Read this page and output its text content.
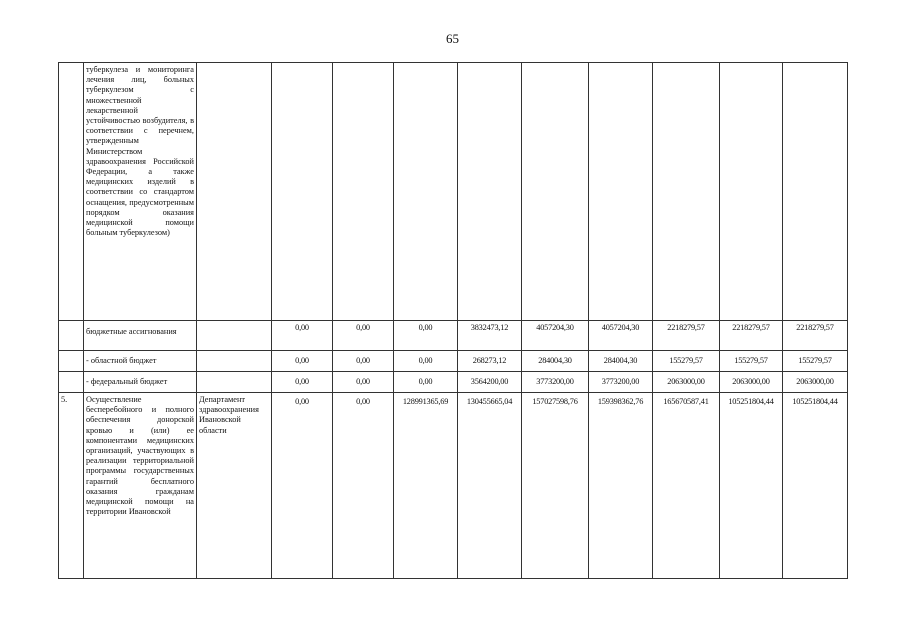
65
	туберкулеза и мониторинга лечения лиц, больных туберкулезом с множественной лекарственной устойчивостью возбудителя, в соответствии с перечнем, утвержденным Министерством здравоохранения Российской Федерации, а также медицинских изделий в соответствии со стандартом оснащения, предусмотренным порядком оказания медицинской помощи больным туберкулезом)										
	бюджетные ассигнования		0,00	0,00	0,00	3832473,12	4057204,30	4057204,30	2218279,57	2218279,57	2218279,57
	- областной бюджет		0,00	0,00	0,00	268273,12	284004,30	284004,30	155279,57	155279,57	155279,57
	- федеральный бюджет		0,00	0,00	0,00	3564200,00	3773200,00	3773200,00	2063000,00	2063000,00	2063000,00
5.	Осуществление бесперебойного и полного обеспечения донорской кровью и (или) ее компонентами медицинских организаций, участвующих в реализации территориальной программы государственных гарантий бесплатного оказания гражданам медицинской помощи на территории Ивановской	Департамент здравоохранения Ивановской области	0,00	0,00	128991365,69	130455665,04	157027598,76	159398362,76	165670587,41	105251804,44	105251804,44
